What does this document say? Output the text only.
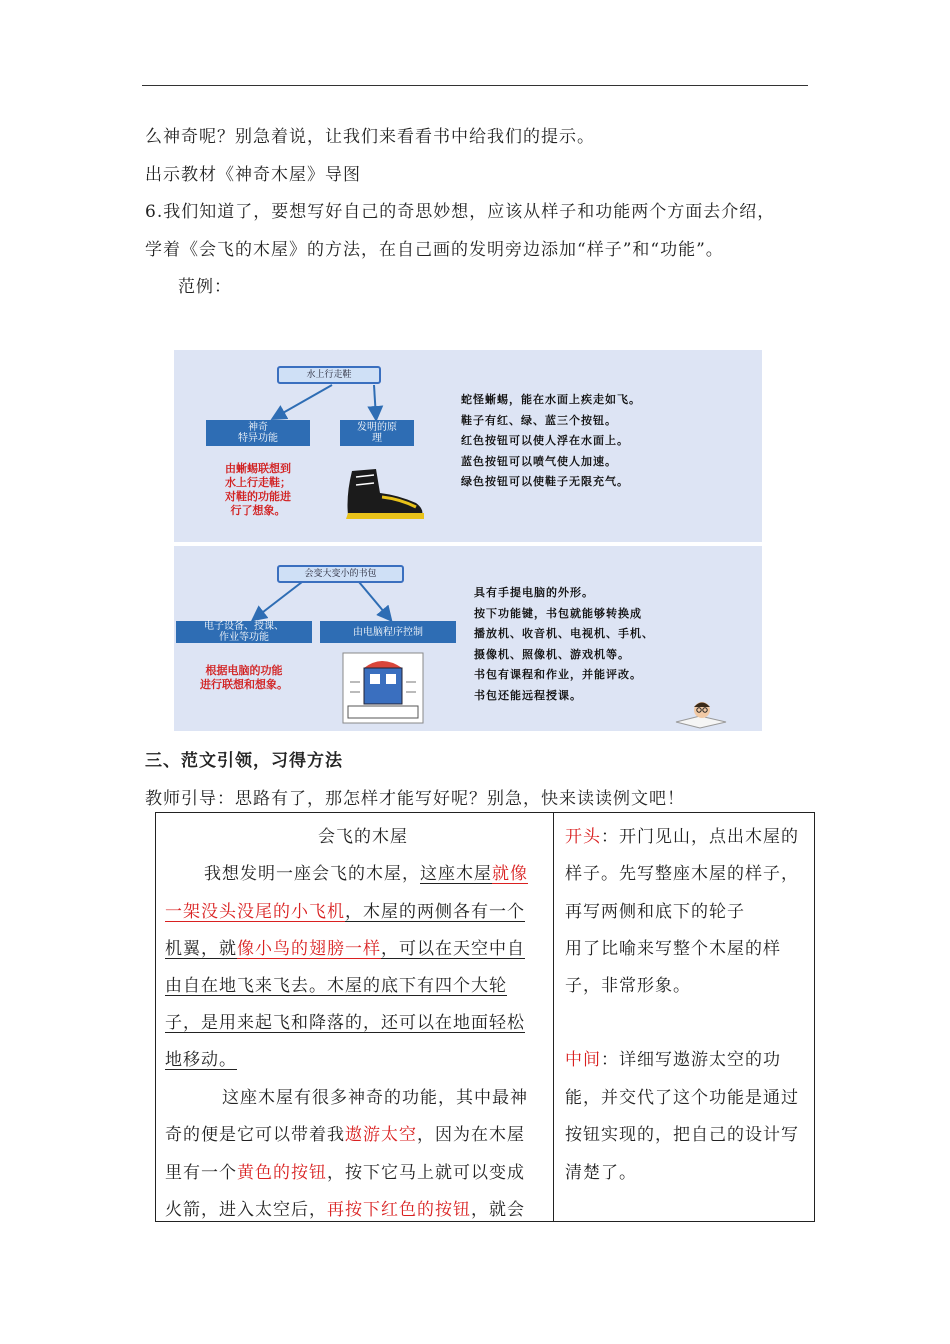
么神奇呢？别急着说，让我们来看看书中给我们的提示。
出示教材《神奇木屋》导图
6.我们知道了，要想写好自己的奇思妙想，应该从样子和功能两个方面去介绍，
学着《会飞的木屋》的方法，在自己画的发明旁边添加“样子”和“功能”。
范例：
水上行走鞋
神奇
特异功能
发明的原
理
由蜥蜴联想到
水上行走鞋；
对鞋的功能进
行了想象。
蛇怪蜥蜴，能在水面上疾走如飞。
鞋子有红、绿、蓝三个按钮。
红色按钮可以使人浮在水面上。
蓝色按钮可以喷气使人加速。
绿色按钮可以使鞋子无限充气。
会变大变小的书包
电子设备、授课、
作业等功能	由电脑程序控制
根据电脑的功能
进行联想和想象。
具有手提电脑的外形。
按下功能键，书包就能够转换成
播放机、收音机、电视机、手机、
摄像机、照像机、游戏机等。
书包有课程和作业，并能评改。
书包还能远程授课。
三、范文引领，习得方法
教师引导：思路有了，那怎样才能写好呢？别急，快来读读例文吧！
会飞的木屋
我想发明一座会飞的木屋，这座木屋就像
一架没头没尾的小飞机，木屋的两侧各有一个
机翼，就像小鸟的翅膀一样，可以在天空中自
由自在地飞来飞去。木屋的底下有四个大轮
子，是用来起飞和降落的，还可以在地面轻松
地移动。
这座木屋有很多神奇的功能，其中最神
奇的便是它可以带着我遨游太空，因为在木屋
里有一个黄色的按钮，按下它马上就可以变成
火箭，进入太空后，再按下红色的按钮，就会
开头：开门见山，点出木屋的
样子。先写整座木屋的样子，
再写两侧和底下的轮子
用了比喻来写整个木屋的样
子，非常形象。
中间：详细写遨游太空的功
能，并交代了这个功能是通过
按钮实现的，把自己的设计写
清楚了。
